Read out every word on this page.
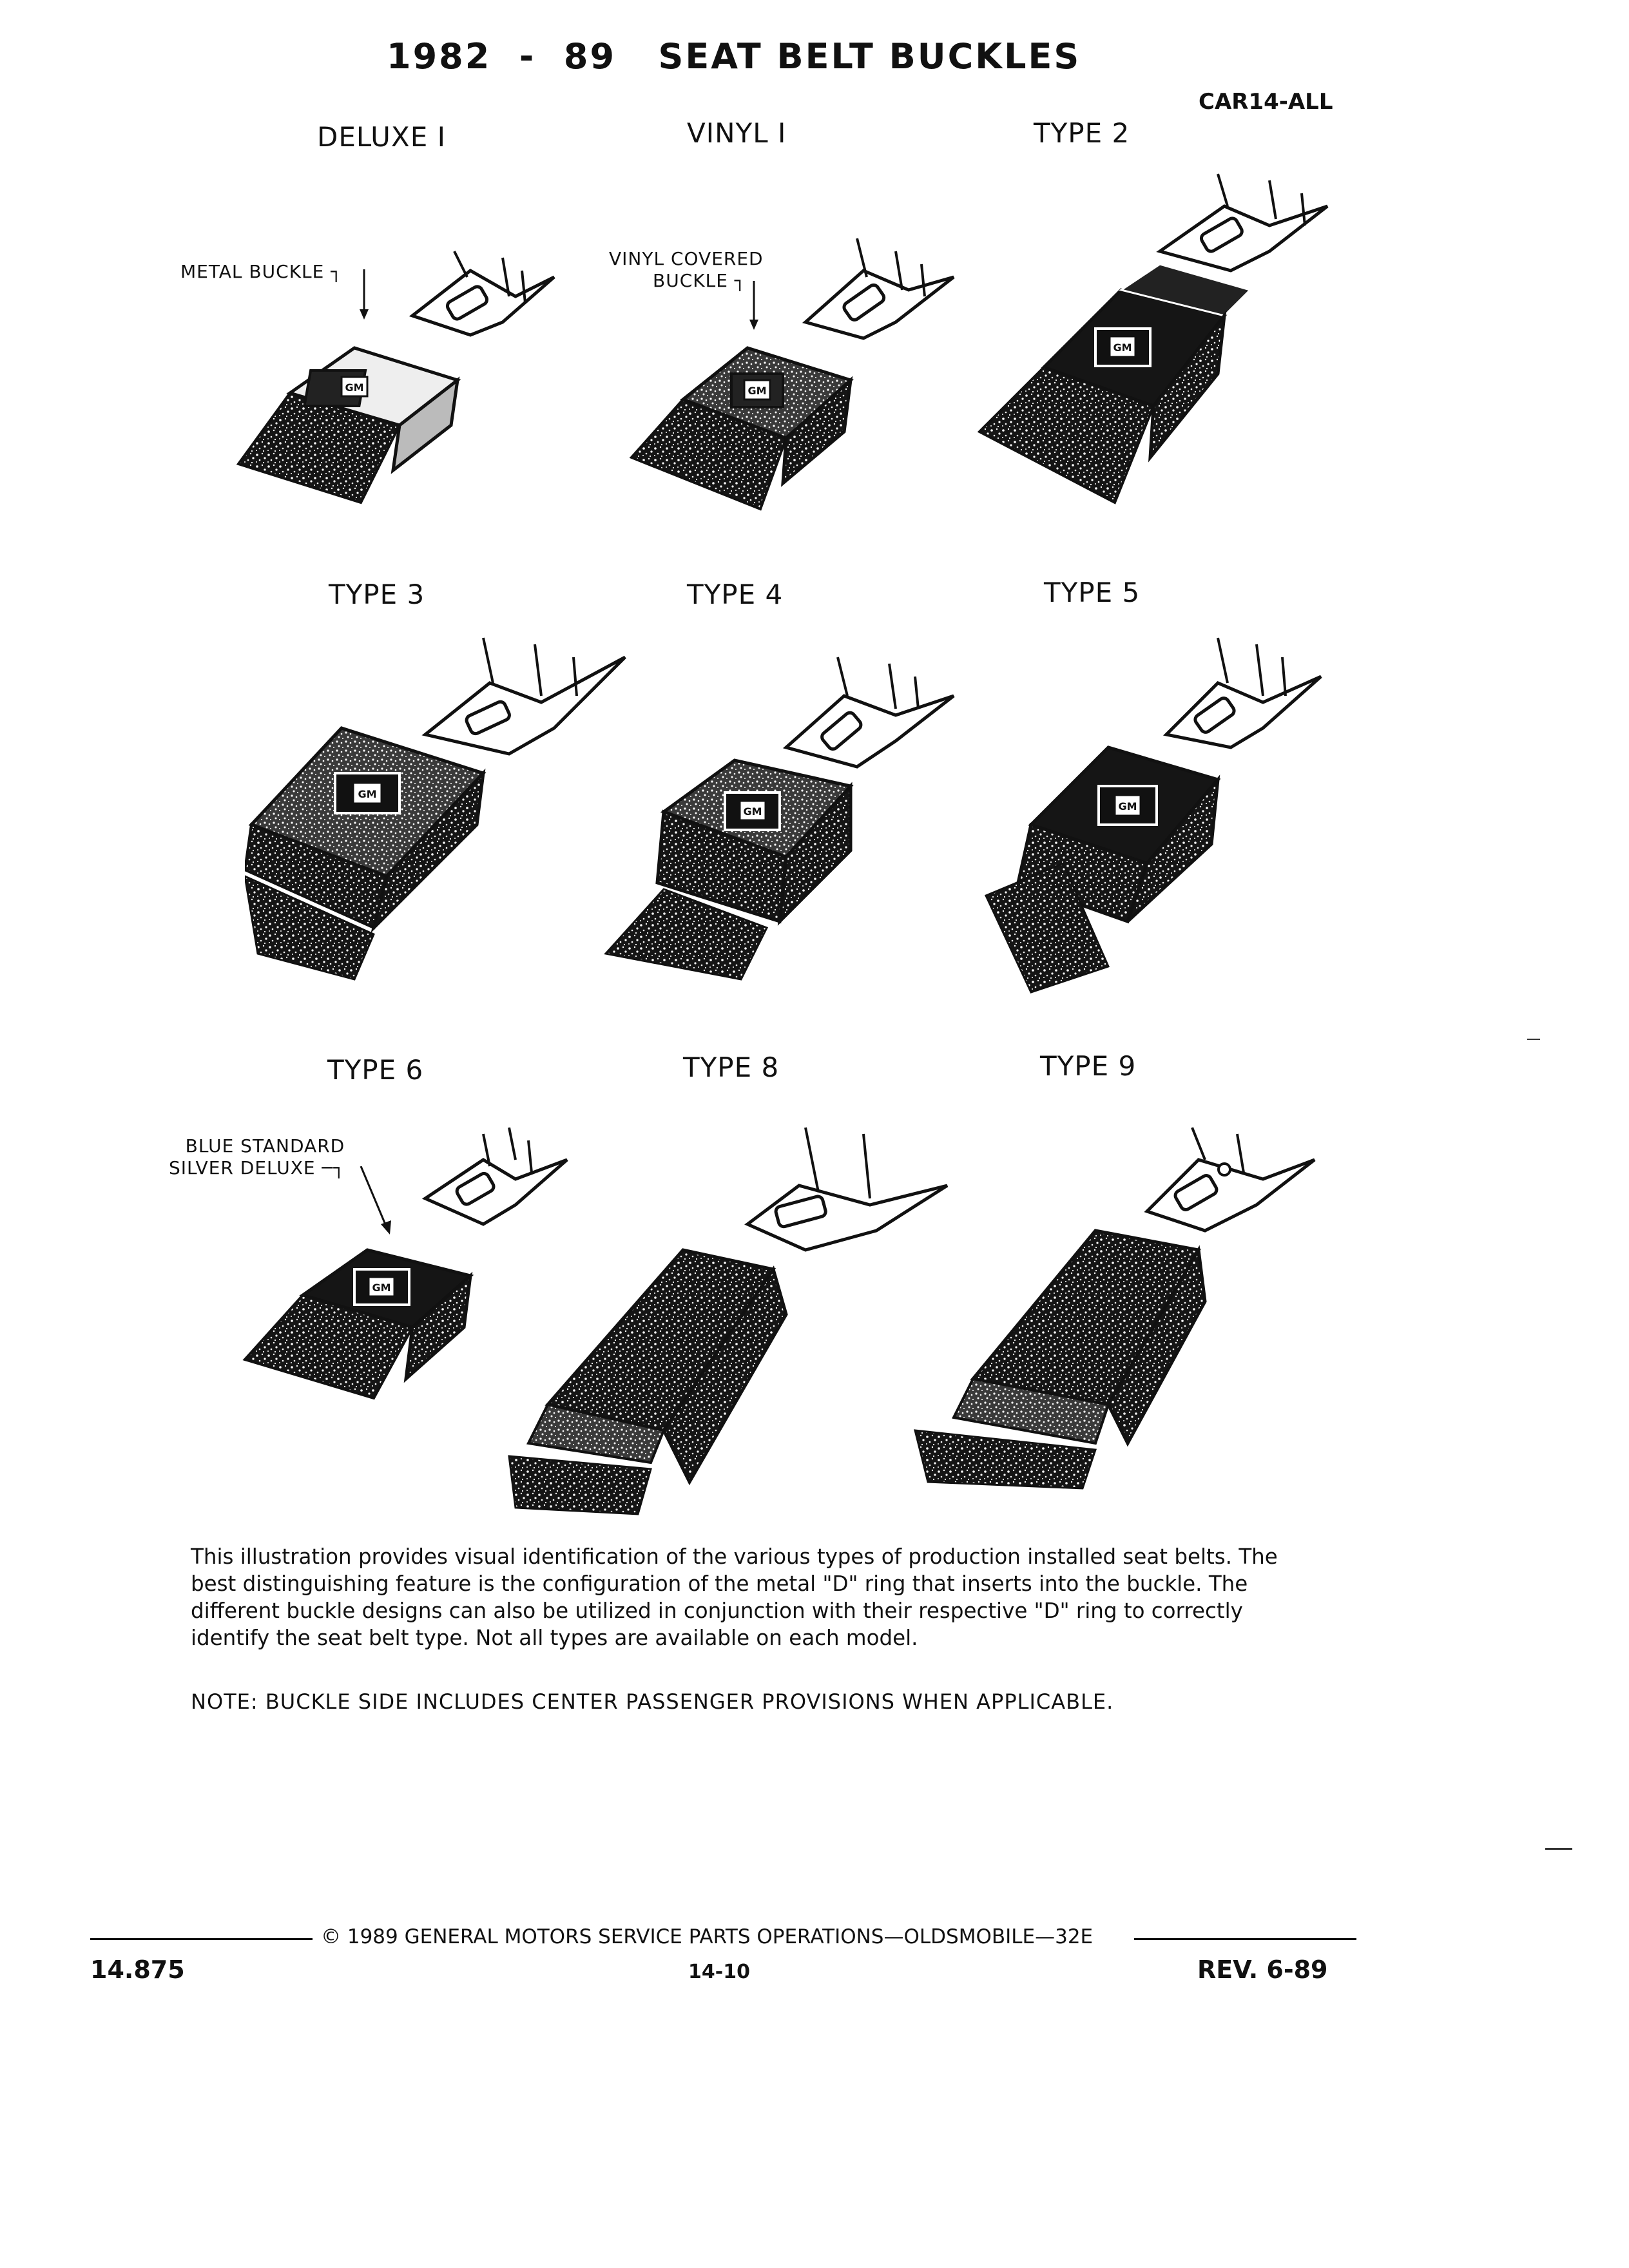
1982  -  89   SEAT BELT BUCKLES
CAR14-ALL
DELUXE I	VINYL I	TYPE 2
GM	GM
GM
METAL BUCKLE ┐
VINYL COVERED
BUCKLE ┐
TYPE 3	TYPE 4	TYPE 5
GM
GM	GM
TYPE 6	TYPE 8	TYPE 9
BLUE STANDARD
SILVER DELUXE ─┐
GM

This illustration provides visual identification of the various types of production installed seat belts. The best distinguishing feature is the configuration of the metal "D" ring that inserts into the buckle. The different buckle designs can also be utilized in conjunction with their respective "D" ring to correctly identify the seat belt type. Not all types are available on each model.

NOTE: BUCKLE SIDE INCLUDES CENTER PASSENGER PROVISIONS WHEN APPLICABLE.

© 1989 GENERAL MOTORS SERVICE PARTS OPERATIONS—OLDSMOBILE—32E
14.875	14-10	REV. 6-89
